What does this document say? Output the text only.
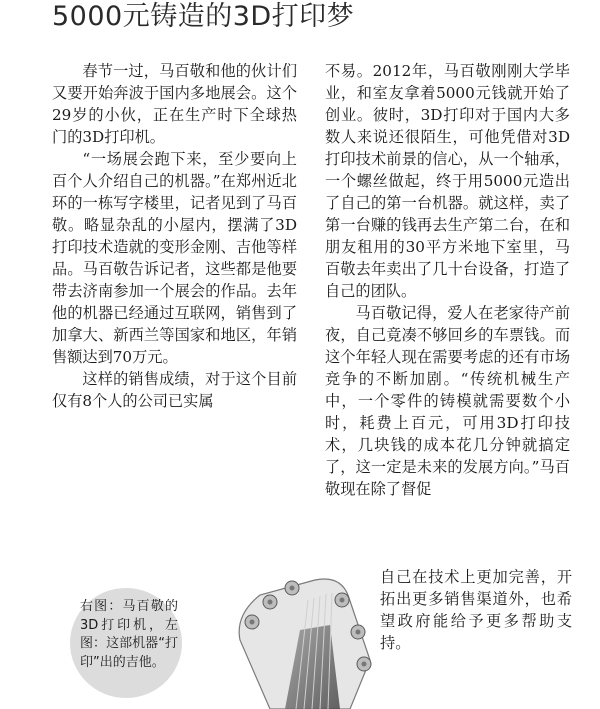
5000元铸造的3D打印梦

春节一过，马百敬和他的伙计们又要开始奔波于国内多地展会。这个29岁的小伙，正在生产时下全球热门的3D打印机。

“一场展会跑下来，至少要向上百个人介绍自己的机器。”在郑州近北环的一栋写字楼里，记者见到了马百敬。略显杂乱的小屋内，摆满了3D打印技术造就的变形金刚、吉他等样品。马百敬告诉记者，这些都是他要带去济南参加一个展会的作品。去年他的机器已经通过互联网，销售到了加拿大、新西兰等国家和地区，年销售额达到70万元。

这样的销售成绩，对于这个目前仅有8个人的公司已实属

不易。2012年，马百敬刚刚大学毕业，和室友拿着5000元钱就开始了创业。彼时，3D打印对于国内大多数人来说还很陌生，可他凭借对3D打印技术前景的信心，从一个轴承，一个螺丝做起，终于用5000元造出了自己的第一台机器。就这样，卖了第一台赚的钱再去生产第二台，在和朋友租用的30平方米地下室里，马百敬去年卖出了几十台设备，打造了自己的团队。

马百敬记得，爱人在老家待产前夜，自己竟凑不够回乡的车票钱。而这个年轻人现在需要考虑的还有市场竞争的不断加剧。“传统机械生产中，一个零件的铸模就需要数个小时，耗费上百元，可用3D打印技术，几块钱的成本花几分钟就搞定了，这一定是未来的发展方向。”马百敬现在除了督促

自己在技术上更加完善，开拓出更多销售渠道外，也希望政府能给予更多帮助支持。

右图：马百敬的3D打印机，左图：这部机器“打印”出的吉他。
